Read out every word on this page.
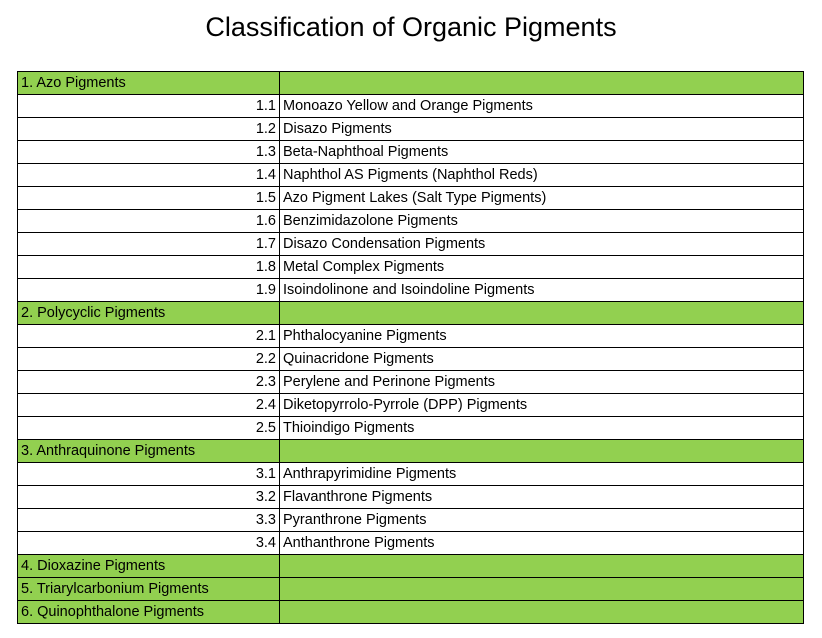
Classification of Organic Pigments
1. Azo Pigments	
1.1	Monoazo Yellow and Orange Pigments
1.2	Disazo Pigments
1.3	Beta-Naphthoal Pigments
1.4	Naphthol AS Pigments (Naphthol Reds)
1.5	Azo Pigment Lakes (Salt Type Pigments)
1.6	Benzimidazolone Pigments
1.7	Disazo Condensation Pigments
1.8	Metal Complex Pigments
1.9	Isoindolinone and Isoindoline Pigments
2. Polycyclic Pigments	
2.1	Phthalocyanine Pigments
2.2	Quinacridone Pigments
2.3	Perylene and Perinone Pigments
2.4	Diketopyrrolo-Pyrrole (DPP) Pigments
2.5	Thioindigo Pigments
3. Anthraquinone Pigments	
3.1	Anthrapyrimidine Pigments
3.2	Flavanthrone Pigments
3.3	Pyranthrone Pigments
3.4	Anthanthrone Pigments
4. Dioxazine Pigments	
5. Triarylcarbonium Pigments	
6. Quinophthalone Pigments	
